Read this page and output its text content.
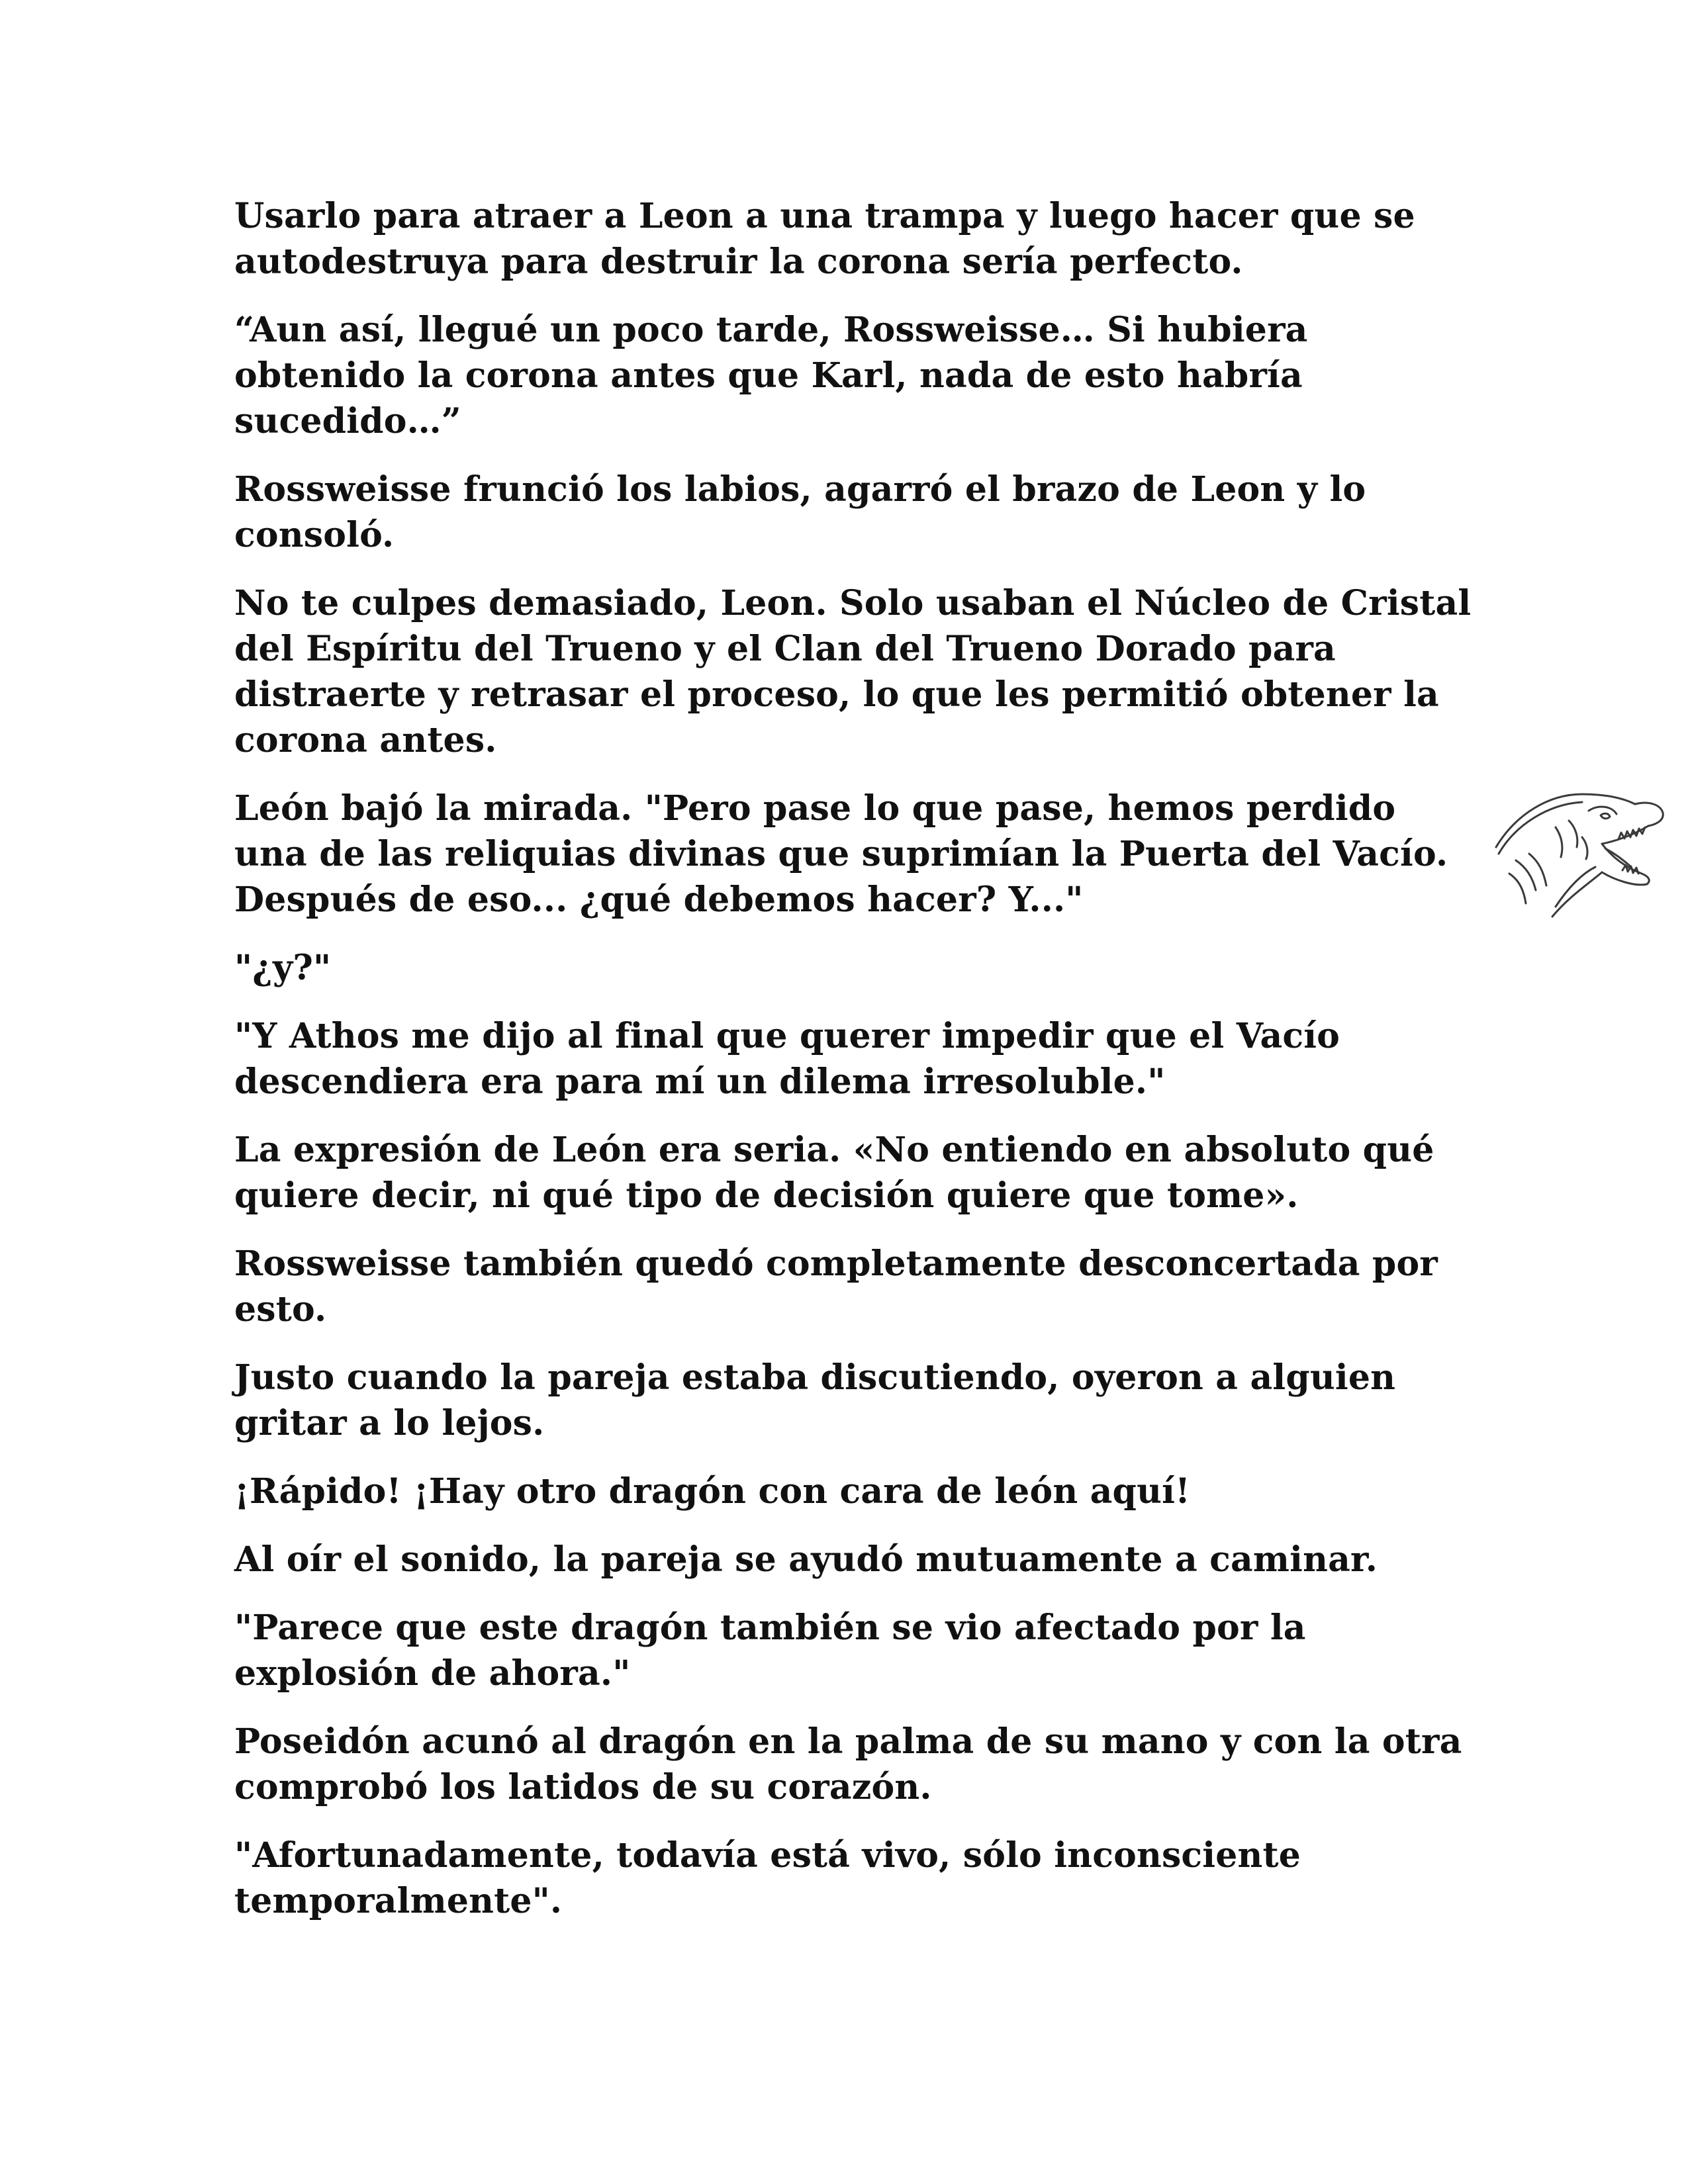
Usarlo para atraer a Leon a una trampa y luego hacer que se autodestruya para destruir la corona sería perfecto.

“Aun así, llegué un poco tarde, Rossweisse… Si hubiera obtenido la corona antes que Karl, nada de esto habría sucedido…”

Rossweisse frunció los labios, agarró el brazo de Leon y lo consoló.

No te culpes demasiado, Leon. Solo usaban el Núcleo de Cristal del Espíritu del Trueno y el Clan del Trueno Dorado para distraerte y retrasar el proceso, lo que les permitió obtener la corona antes.

León bajó la mirada. "Pero pase lo que pase, hemos perdido una de las reliquias divinas que suprimían la Puerta del Vacío. Después de eso... ¿qué debemos hacer? Y..."

"¿y?"

"Y Athos me dijo al final que querer impedir que el Vacío descendiera era para mí un dilema irresoluble."

La expresión de León era seria. «No entiendo en absoluto qué quiere decir, ni qué tipo de decisión quiere que tome».

Rossweisse también quedó completamente desconcertada por esto.

Justo cuando la pareja estaba discutiendo, oyeron a alguien gritar a lo lejos.

¡Rápido! ¡Hay otro dragón con cara de león aquí!

Al oír el sonido, la pareja se ayudó mutuamente a caminar.

"Parece que este dragón también se vio afectado por la explosión de ahora."

Poseidón acunó al dragón en la palma de su mano y con la otra comprobó los latidos de su corazón.

"Afortunadamente, todavía está vivo, sólo inconsciente temporalmente".
